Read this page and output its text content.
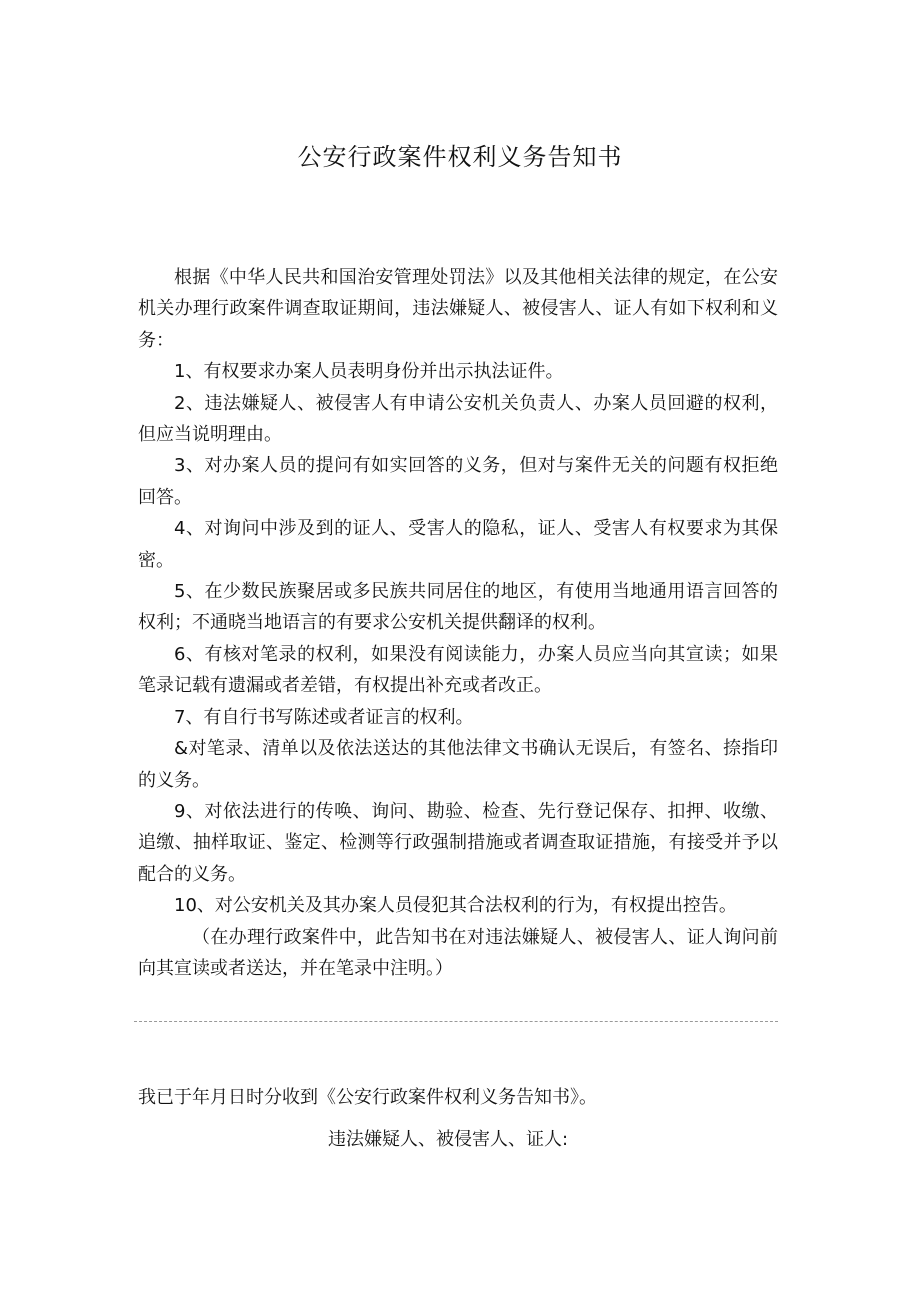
公安行政案件权利义务告知书

根据《中华人民共和国治安管理处罚法》以及其他相关法律的规定，在公安机关办理行政案件调查取证期间，违法嫌疑人、被侵害人、证人有如下权利和义务：

1、有权要求办案人员表明身份并出示执法证件。

2、违法嫌疑人、被侵害人有申请公安机关负责人、办案人员回避的权利，但应当说明理由。

3、对办案人员的提问有如实回答的义务，但对与案件无关的问题有权拒绝回答。

4、对询问中涉及到的证人、受害人的隐私，证人、受害人有权要求为其保密。

5、在少数民族聚居或多民族共同居住的地区，有使用当地通用语言回答的权利；不通晓当地语言的有要求公安机关提供翻译的权利。

6、有核对笔录的权利，如果没有阅读能力，办案人员应当向其宣读；如果笔录记载有遗漏或者差错，有权提出补充或者改正。

7、有自行书写陈述或者证言的权利。

&对笔录、清单以及依法送达的其他法律文书确认无误后，有签名、捺指印的义务。

9、对依法进行的传唤、询问、勘验、检查、先行登记保存、扣押、收缴、追缴、抽样取证、鉴定、检测等行政强制措施或者调查取证措施，有接受并予以配合的义务。

10、对公安机关及其办案人员侵犯其合法权利的行为，有权提出控告。

（在办理行政案件中，此告知书在对违法嫌疑人、被侵害人、证人询问前向其宣读或者送达，并在笔录中注明。）

我已于年月日时分收到《公安行政案件权利义务告知书》。

违法嫌疑人、被侵害人、证人:
